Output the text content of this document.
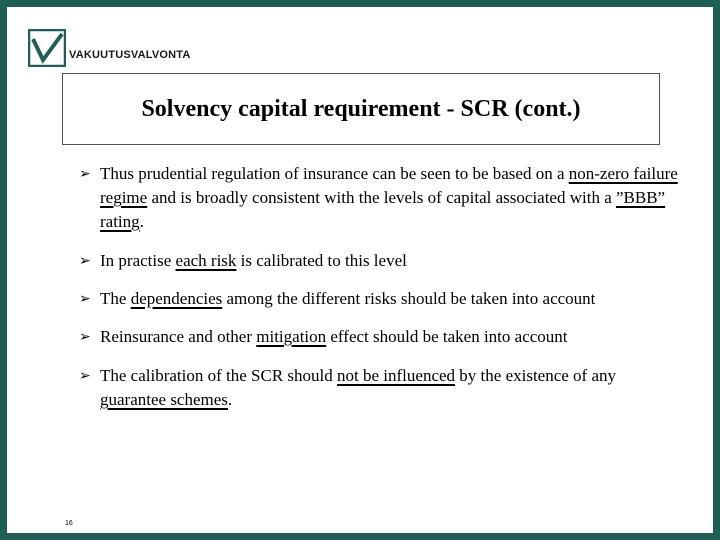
VAKUUTUSVALVONTA
Solvency capital requirement - SCR (cont.)

➢ Thus prudential regulation of insurance can be seen to be based on a non-zero failure regime and is broadly consistent with the levels of capital associated with a ”BBB” rating.

➢ In practise each risk is calibrated to this level

➢ The dependencies among the different risks should be taken into account

➢ Reinsurance and other mitigation effect should be taken into account

➢ The calibration of the SCR should not be influenced by the existence of any guarantee schemes.

16
